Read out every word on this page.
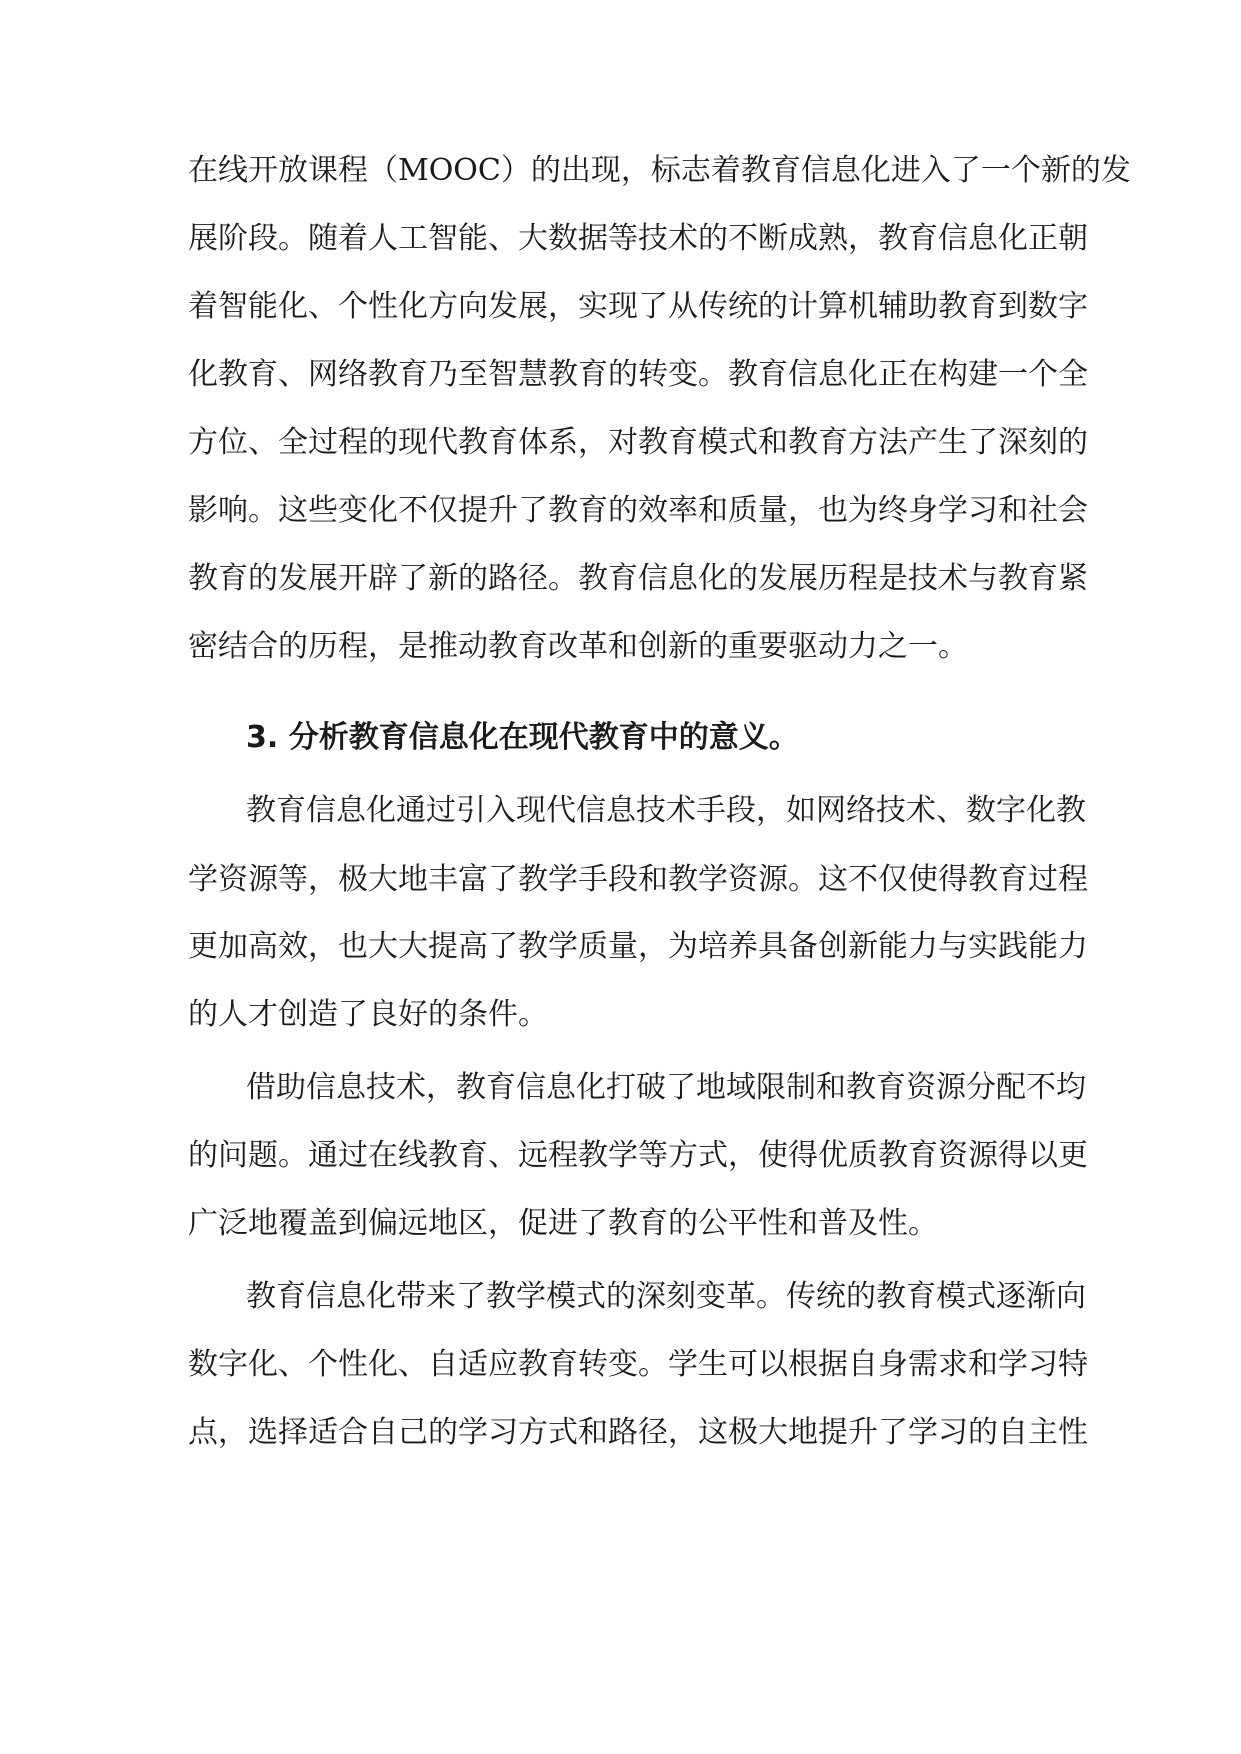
在线开放课程（MOOC）的出现，标志着教育信息化进入了一个新的发
展阶段。随着人工智能、大数据等技术的不断成熟，教育信息化正朝
着智能化、个性化方向发展，实现了从传统的计算机辅助教育到数字
化教育、网络教育乃至智慧教育的转变。教育信息化正在构建一个全
方位、全过程的现代教育体系，对教育模式和教育方法产生了深刻的
影响。这些变化不仅提升了教育的效率和质量，也为终身学习和社会
教育的发展开辟了新的路径。教育信息化的发展历程是技术与教育紧
密结合的历程，是推动教育改革和创新的重要驱动力之一。
3. 分析教育信息化在现代教育中的意义。
教育信息化通过引入现代信息技术手段，如网络技术、数字化教
学资源等，极大地丰富了教学手段和教学资源。这不仅使得教育过程
更加高效，也大大提高了教学质量，为培养具备创新能力与实践能力
的人才创造了良好的条件。
借助信息技术，教育信息化打破了地域限制和教育资源分配不均
的问题。通过在线教育、远程教学等方式，使得优质教育资源得以更
广泛地覆盖到偏远地区，促进了教育的公平性和普及性。
教育信息化带来了教学模式的深刻变革。传统的教育模式逐渐向
数字化、个性化、自适应教育转变。学生可以根据自身需求和学习特
点，选择适合自己的学习方式和路径，这极大地提升了学习的自主性
